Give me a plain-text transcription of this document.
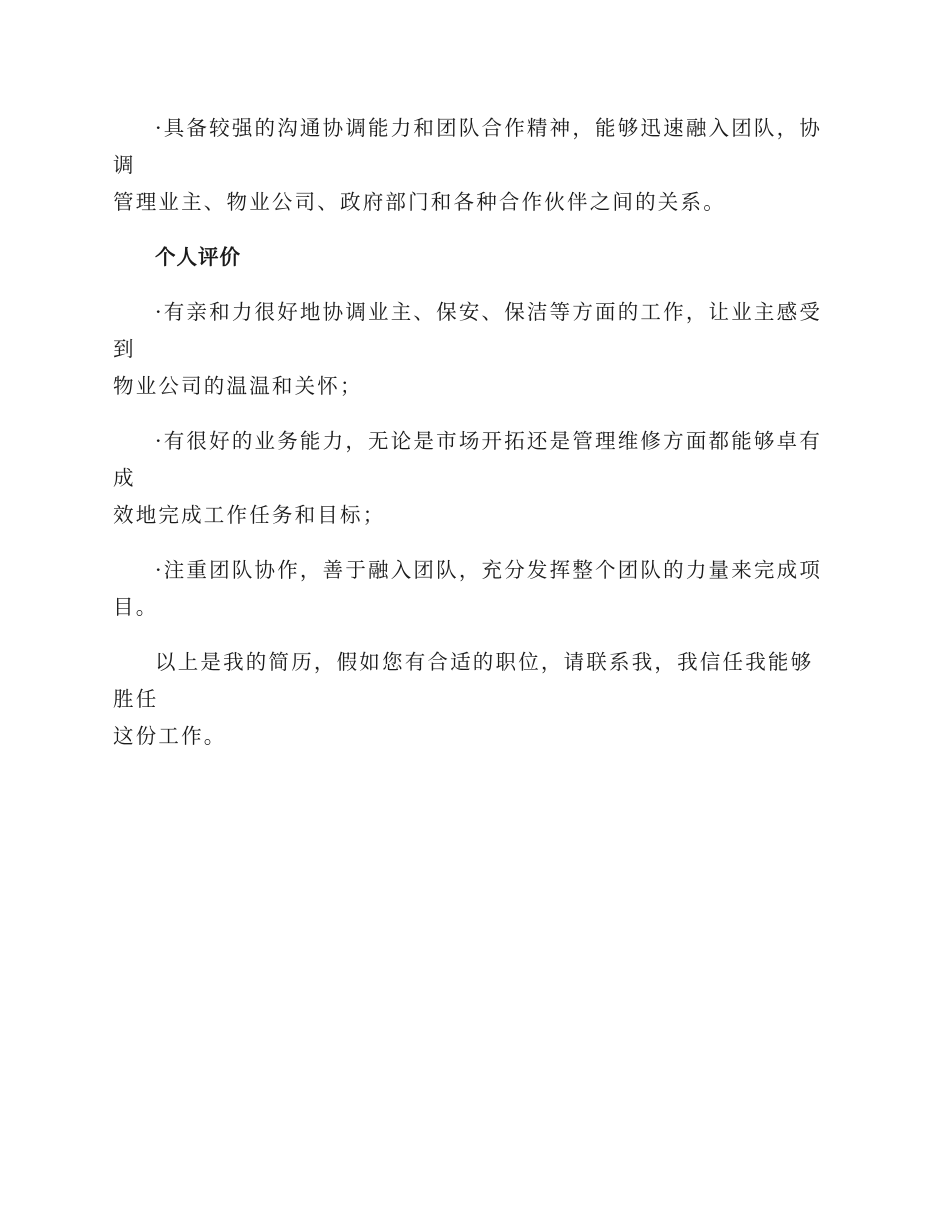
·具备较强的沟通协调能力和团队合作精神，能够迅速融入团队，协调
管理业主、物业公司、政府部门和各种合作伙伴之间的关系。

个人评价

·有亲和力很好地协调业主、保安、保洁等方面的工作，让业主感受到
物业公司的温温和关怀；

·有很好的业务能力，无论是市场开拓还是管理维修方面都能够卓有成
效地完成工作任务和目标；

·注重团队协作，善于融入团队，充分发挥整个团队的力量来完成项
目。

以上是我的简历，假如您有合适的职位，请联系我，我信任我能够胜任
这份工作。
